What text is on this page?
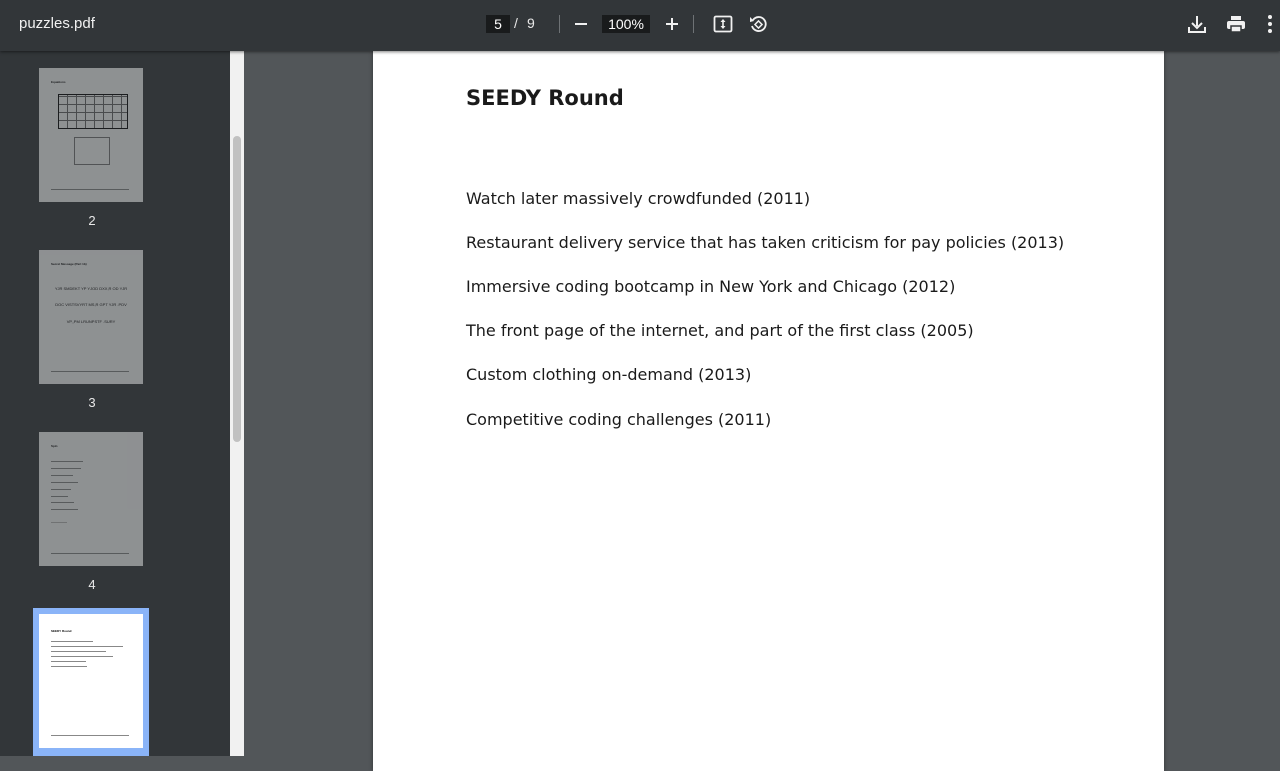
puzzles.pdf	5 / 9	100%
Equations
2
Secret Message (Part 1b)
YJR SMDEKT YP YJOD DXX,R OD YJR
DOC VISTSVYRT MS,R GPT YJR .PDV
VP,,PM LRUNPSTF .SURY
3
Spin
4
SEEDY Round
SEEDY Round
Watch later massively crowdfunded (2011)
Restaurant delivery service that has taken criticism for pay policies (2013)
Immersive coding bootcamp in New York and Chicago (2012)
The front page of the internet, and part of the first class (2005)
Custom clothing on-demand (2013)
Competitive coding challenges (2011)
